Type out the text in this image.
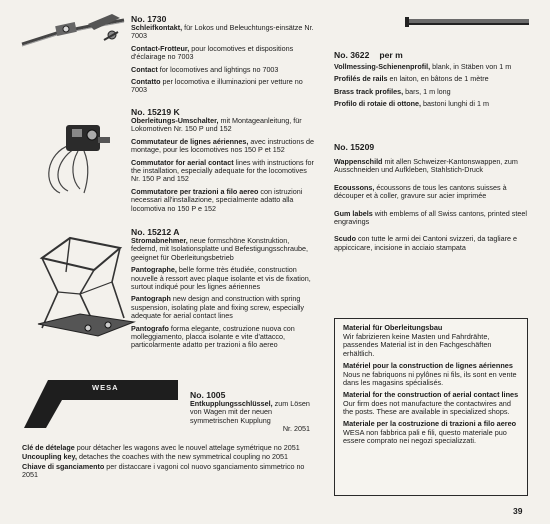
No. 1730
Schleifkontakt, für Lokos und Beleuchtungs-einsätze Nr. 7003
Contact-Frotteur, pour locomotives et dispositions d'éclairage no 7003
Contact for locomotives and lightings no 7003
Contatto per locomotiva e illuminazioni per vetture no 7003
No. 15219 K
Oberleitungs-Umschalter, mit Montageanleitung, für Lokomotiven Nr. 150 P und 152
Commutateur de lignes aériennes, avec instructions de montage, pour les locomotives nos 150 P et 152
Commutator for aerial contact lines with instructions for the installation, especially adequate for the locomotives Nr. 150 P and 152
Commutatore per trazioni a filo aereo con istruzioni necessari all'installazione, specialmente adatto alla locomotiva no 150 P e 152
No. 15212 A
Stromabnehmer, neue formschöne Konstruktion, federnd, mit Isolationsplatte und Befestigungsschraube, geeignet für Oberleitungsbetrieb
Pantographe, belle forme très étudiée, construction nouvelle à ressort avec plaque isolante et vis de fixation, surtout indiqué pour les lignes aériennes
Pantograph new design and construction with spring suspension, isolating plate and fixing screw, especially adequate for aerial contact lines
Pantografo forma elegante, costruzione nuova con molleggiamento, placca isolante e vite d'attacco, particolarmente adatto per trazioni a filo aereo
WESA
No. 1005
Entkupplungsschlüssel, zum Lösen von Wagen mit der neuen symmetrischen Kupplung
Nr. 2051
Clé de dételage pour détacher les wagons avec le nouvel attelage symétrique no 2051
Uncoupling key, detaches the coaches with the new symmetrical coupling no 2051
Chiave di sganciamento per distaccare i vagoni col nuovo sganciamento simmetrico no 2051
No. 3622 per m
Vollmessing-Schienenprofil, blank, in Stäben von 1 m
Profilés de rails en laiton, en bâtons de 1 mètre
Brass track profiles, bars, 1 m long
Profilo di rotaie di ottone, bastoni lunghi di 1 m
No. 15209
Wappenschild mit allen Schweizer-Kantonswappen, zum Ausschneiden und Aufkleben, Stahlstich-Druck
Ecoussons, écoussons de tous les cantons suisses à découper et à coller, gravure sur acier imprimée
Gum labels with emblems of all Swiss cantons, printed steel engravings
Scudo con tutte le armi dei Cantoni svizzeri, da tagliare e appiccicare, incisione in acciaio stampata
Material für Oberleitungsbau
Wir fabrizieren keine Masten und Fahrdrähte, passendes Material ist in den Fachgeschäften erhältlich.
Matériel pour la construction de lignes aériennes
Nous ne fabriquons ni pylônes ni fils, ils sont en vente dans les magasins spécialisés.
Material for the construction of aerial contact lines
Our firm does not manufacture the contactwires and the posts. These are available in specialized shops.
Materiale per la costruzione di trazioni a filo aereo
WESA non fabbrica pali e fili, questo materiale puo essere comprato nei negozi specializzati.
39
